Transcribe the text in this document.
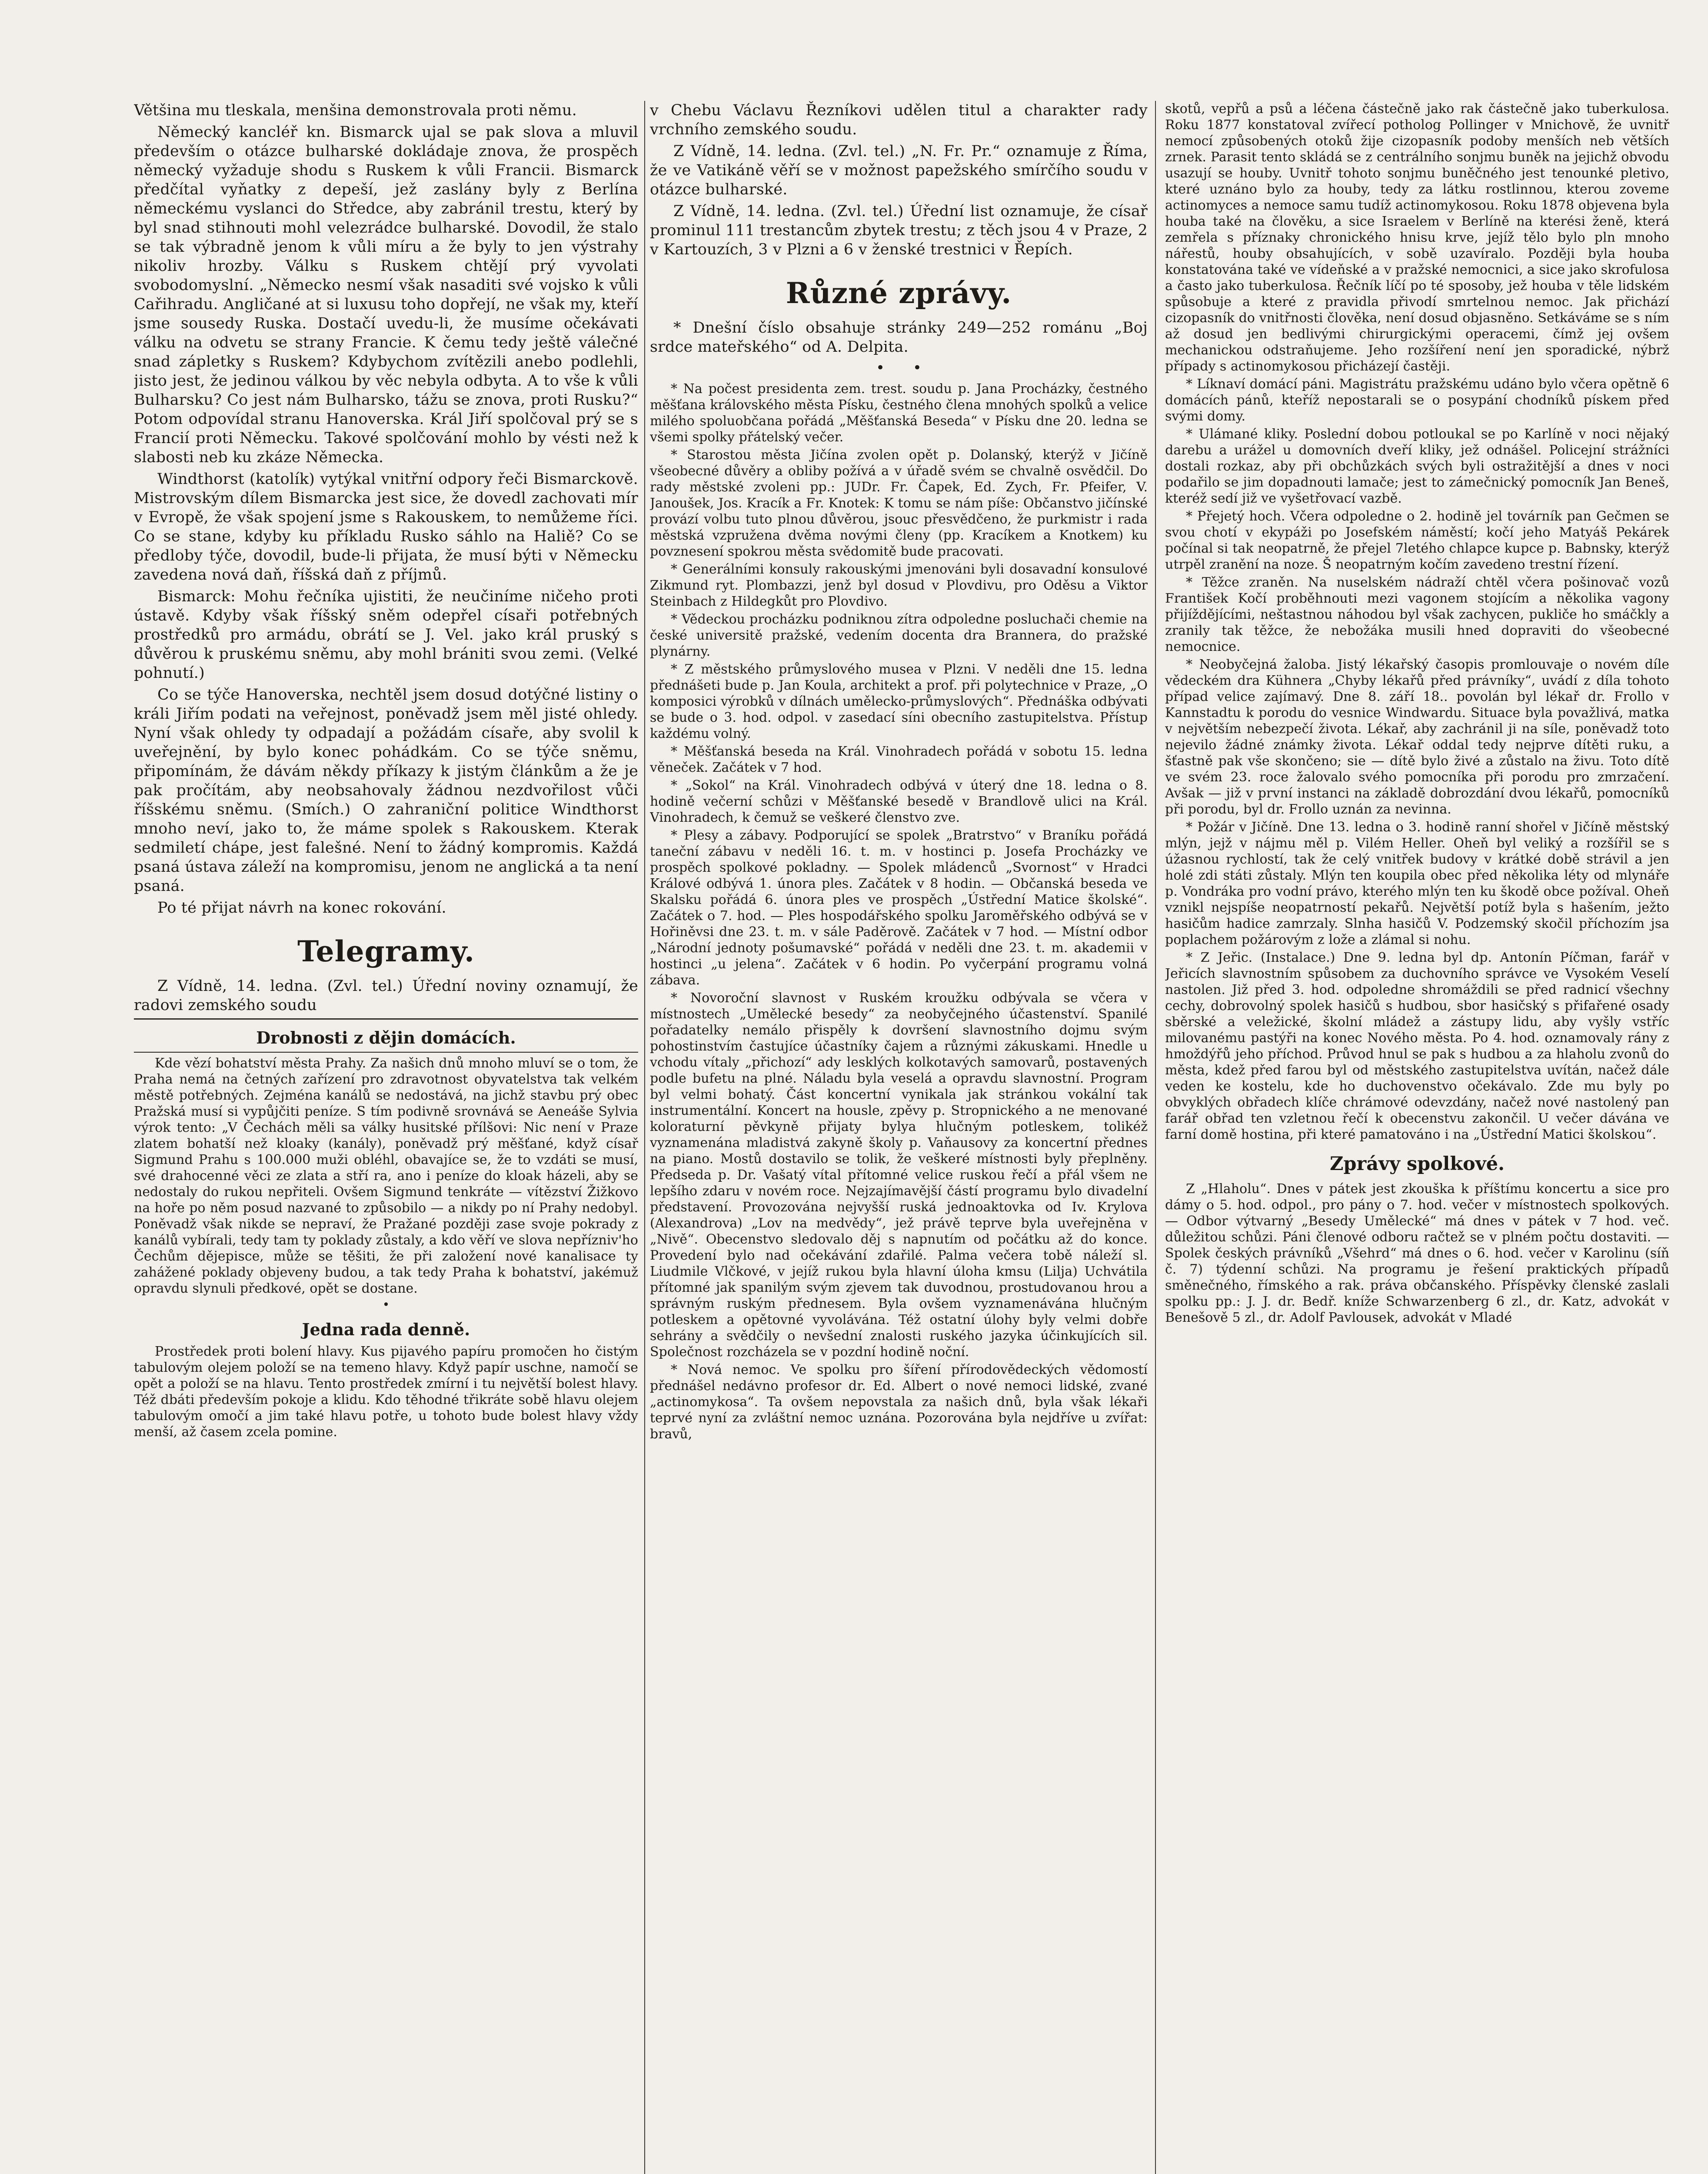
Většina mu tleskala, menšina demonstrovala proti němu.

Německý kancléř kn. Bismarck ujal se pak slova a mluvil především o otázce bulharské dokládaje znova, že prospěch německý vyžaduje shodu s Ruskem k vůli Francii. Bismarck předčítal vyňatky z depeší, jež zaslány byly z Berlína německému vyslanci do Středce, aby zabránil trestu, který by byl snad stihnouti mohl velezrádce bulharské. Dovodil, že stalo se tak výbradně jenom k vůli míru a že byly to jen výstrahy nikoliv hrozby. Válku s Ruskem chtějí prý vyvolati svobodomyslní. „Německo nesmí však nasaditi své vojsko k vůli Cařihradu. Angličané at si luxusu toho dopřejí, ne však my, kteří jsme sousedy Ruska. Dostačí uvedu-li, že musíme očekávati válku na odvetu se strany Francie. K čemu tedy ještě válečné snad zápletky s Ruskem? Kdybychom zvítězili anebo podlehli, jisto jest, že jedinou válkou by věc nebyla odbyta. A to vše k vůli Bulharsku? Co jest nám Bulharsko, tážu se znova, proti Rusku?“ Potom odpovídal stranu Hanoverska. Král Jiří spolčoval prý se s Francií proti Německu. Takové spolčování mohlo by vésti než k slabosti neb ku zkáze Německa.

Windthorst (katolík) vytýkal vnitřní odpory řeči Bismarckově. Mistrovským dílem Bismarcka jest sice, že dovedl zachovati mír v Evropě, že však spojení jsme s Rakouskem, to nemůžeme říci. Co se stane, kdyby ku příkladu Rusko sáhlo na Haliě? Co se předloby týče, dovodil, bude-li přijata, že musí býti v Německu zavedena nová daň, říšská daň z příjmů.

Bismarck: Mohu řečníka ujistiti, že neučiníme ničeho proti ústavě. Kdyby však říšský sněm odepřel císaři potřebných prostředků pro armádu, obrátí se J. Vel. jako král pruský s důvěrou k pruskému sněmu, aby mohl brániti svou zemi. (Velké pohnutí.)

Co se týče Hanoverska, nechtěl jsem dosud dotýčné listiny o králi Jiřím podati na veřejnost, poněvadž jsem měl jisté ohledy. Nyní však ohledy ty odpadají a požádám císaře, aby svolil k uveřejnění, by bylo konec pohádkám. Co se týče sněmu, připomínám, že dávám někdy příkazy k jistým článkům a že je pak pročítám, aby neobsahovaly žádnou nezdvořilost vůči říšskému sněmu. (Smích.) O zahraniční politice Windthorst mnoho neví, jako to, že máme spolek s Rakouskem. Kterak sedmiletí chápe, jest falešné. Není to žádný kompromis. Každá psaná ústava záleží na kompromisu, jenom ne anglická a ta není psaná.

Po té přijat návrh na konec rokování.

Telegramy.

Z Vídně, 14. ledna. (Zvl. tel.) Úřední noviny oznamují, že radovi zemského soudu

Drobnosti z dějin domácích.

Kde vězí bohatství města Prahy. Za našich dnů mnoho mluví se o tom, že Praha nemá na četných zařízení pro zdravotnost obyvatelstva tak velkém městě potřebných. Zejména kanálů se nedostává, na jichž stavbu prý obec Pražská musí si vypůjčiti peníze. S tím podivně srovnává se Aeneáše Sylvia výrok tento: „V Čechách měli sa války husitské přílšovi: Nic není v Praze zlatem bohatší než kloaky (kanály), poněvadž prý měšťané, když císař Sigmund Prahu s 100.000 muži obléhl, obavajíce se, že to vzdáti se musí, své drahocenné věci ze zlata a stří ra, ano i peníze do kloak házeli, aby se nedostaly do rukou nepřiteli. Ovšem Sigmund tenkráte — vítězství Žižkovo na hoře po něm posud nazvané to způsobilo — a nikdy po ní Prahy nedobyl. Poněvadž však nikde se nepraví, že Pražané později zase svoje pokrady z kanálů vybírali, tedy tam ty poklady zůstaly, a kdo věří ve slova nepřízniv'ho Čechům dějepisce, může se těšiti, že při založení nové kanalisace ty zahážené poklady objeveny budou, a tak tedy Praha k bohatství, jakémuž opravdu slynuli předkové, opět se dostane.

•
Jedna rada denně.

Prostředek proti bolení hlavy. Kus pijavého papíru promočen ho čistým tabulovým olejem položí se na temeno hlavy. Když papír uschne, namočí se opět a položí se na hlavu. Tento prostředek zmírní i tu největší bolest hlavy. Též dbáti především pokoje a klidu. Kdo těhodné třikráte sobě hlavu olejem tabulovým omočí a jim také hlavu potře, u tohoto bude bolest hlavy vždy menší, až časem zcela pomine.

v Chebu Václavu Řezníkovi udělen titul a charakter rady vrchního zemského soudu.

Z Vídně, 14. ledna. (Zvl. tel.) „N. Fr. Pr.“ oznamuje z Říma, že ve Vatikáně věří se v možnost papežského smírčího soudu v otázce bulharské.

Z Vídně, 14. ledna. (Zvl. tel.) Úřední list oznamuje, že císař prominul 111 trestancům zbytek trestu; z těch jsou 4 v Praze, 2 v Kartouzích, 3 v Plzni a 6 v ženské trestnici v Řepích.

Různé zprávy.

* Dnešní číslo obsahuje stránky 249—252 románu „Boj srdce mateřského“ od A. Delpita.

•      •

* Na počest presidenta zem. trest. soudu p. Jana Procházky, čestného měšťana královského města Písku, čestného člena mnohých spolků a velice milého spoluobčana pořádá „Měšťanská Beseda“ v Písku dne 20. ledna se všemi spolky přátelský večer.

* Starostou města Jičína zvolen opět p. Dolanský, kterýž v Jičíně všeobecné důvěry a obliby požívá a v úřadě svém se chvalně osvědčil. Do rady městské zvoleni pp.: JUDr. Fr. Čapek, Ed. Zych, Fr. Pfeifer, V. Janoušek, Jos. Kracík a Fr. Knotek: K tomu se nám píše: Občanstvo jičínské provází volbu tuto plnou důvěrou, jsouc přesvědčeno, že purkmistr i rada městská vzpružena dvěma novými členy (pp. Kracíkem a Knotkem) ku povznesení spokrou města svědomitě bude pracovati.

* Generálními konsuly rakouskými jmenováni byli dosavadní konsulové Zikmund ryt. Plombazzi, jenž byl dosud v Plovdivu, pro Oděsu a Viktor Steinbach z Hildegkůt pro Plovdivo.

* Vědeckou procházku podniknou zítra odpoledne posluchači chemie na české universitě pražské, vedením docenta dra Brannera, do pražské plynárny.

* Z městského průmyslového musea v Plzni. V neděli dne 15. ledna přednášeti bude p. Jan Koula, architekt a prof. při polytechnice v Praze, „O komposici výrobků v dílnách umělecko-průmyslových“. Přednáška odbývati se bude o 3. hod. odpol. v zasedací síni obecního zastupitelstva. Přístup každému volný.

* Měšťanská beseda na Král. Vinohradech pořádá v sobotu 15. ledna věneček. Začátek v 7 hod.

* „Sokol“ na Král. Vinohradech odbývá v úterý dne 18. ledna o 8. hodině večerní schůzi v Měšťanské besedě v Brandlově ulici na Král. Vinohradech, k čemuž se veškeré členstvo zve.

* Plesy a zábavy. Podporující se spolek „Bratrstvo“ v Braníku pořádá taneční zábavu v neděli 16. t. m. v hostinci p. Josefa Procházky ve prospěch spolkové pokladny. — Spolek mládenců „Svornost“ v Hradci Králové odbývá 1. února ples. Začátek v 8 hodin. — Občanská beseda ve Skalsku pořádá 6. února ples ve prospěch „Ústřední Matice školské“. Začátek o 7. hod. — Ples hospodářského spolku Jaroměřského odbývá se v Hořiněvsi dne 23. t. m. v sále Paděrově. Začátek v 7 hod. — Místní odbor „Národní jednoty pošumavské“ pořádá v neděli dne 23. t. m. akademii v hostinci „u jelena“. Začátek v 6 hodin. Po vyčerpání programu volná zábava.

* Novoroční slavnost v Ruském kroužku odbývala se včera v místnostech „Umělecké besedy“ za neobyčejného účastenství. Spanilé pořadatelky nemálo přispěly k dovršení slavnostního dojmu svým pohostinstvím častujíce účastníky čajem a různými zákuskami. Hnedle u vchodu vítaly „přichozí“ ady lesklých kolkotavých samovarů, postavených podle bufetu na plné. Náladu byla veselá a opravdu slavnostní. Program byl velmi bohatý. Část koncertní vynikala jak stránkou vokální tak instrumentální. Koncert na housle, zpěvy p. Stropnického a ne menované koloraturní pěvkyně přijaty bylya hlučným potleskem, tolikéž vyznamenána mladistvá zakyně školy p. Vaňausovy za koncertní přednes na piano. Mostů dostavilo se tolik, že veškeré místnosti byly přeplněny. Předseda p. Dr. Vašatý vítal přítomné velice ruskou řečí a přál všem ne lepšího zdaru v novém roce. Nejzajímavější částí programu bylo divadelní představení. Provozována nejvyšší ruská jednoaktovka od Iv. Krylova (Alexandrova) „Lov na medvědy“, jež právě teprve byla uveřejněna v „Nivě“. Obecenstvo sledovalo děj s napnutím od počátku až do konce. Provedení bylo nad očekávání zdařilé. Palma večera tobě náleží sl. Liudmile Vlčkové, v jejíž rukou byla hlavní úloha kmsu (Lilja) Uchvátila přítomné jak spanilým svým zjevem tak duvodnou, prostudovanou hrou a správným ruským přednesem. Byla ovšem vyznamenávána hlučným potleskem a opětovné vyvolávána. Též ostatní úlohy byly velmi dobře sehrány a svědčily o nevšední znalosti ruského jazyka účinkujících sil. Společnost rozcházela se v pozdní hodině noční.

* Nová nemoc. Ve spolku pro šíření přírodovědeckých vědomostí přednášel nedávno profesor dr. Ed. Albert o nové nemoci lidské, zvané „actinomykosa“. Ta ovšem nepovstala za našich dnů, byla však lékaři teprvé nyní za zvláštní nemoc uznána. Pozorována byla nejdříve u zvířat: bravů,

skotů, vepřů a psů a léčena částečně jako rak částečně jako tuberkulosa. Roku 1877 konstatoval zvířecí potholog Pollinger v Mnichově, že uvnitř nemocí způsobených otoků žije cizopasník podoby menších neb větších zrnek. Parasit tento skládá se z centrálního sonjmu buněk na jejichž obvodu usazují se houby. Uvnitř tohoto sonjmu buněčného jest tenounké pletivo, které uznáno bylo za houby, tedy za látku rostlinnou, kterou zoveme actinomyces a nemoce samu tudíž actinomykosou. Roku 1878 objevena byla houba také na člověku, a sice Israelem v Berlíně na kterési ženě, která zemřela s příznaky chronického hnisu krve, jejíž tělo bylo pln mnoho nářestů, houby obsahujících, v sobě uzavíralo. Později byla houba konstatována také ve vídeňské a v pražské nemocnici, a sice jako skrofulosa a často jako tuberkulosa. Řečník líčí po té sposoby, jež houba v těle lidském spůsobuje a které z pravidla přivodí smrtelnou nemoc. Jak přichází cizopasník do vnitřnosti člověka, není dosud objasněno. Setkáváme se s ním až dosud jen bedlivými chirurgickými operacemi, čímž jej ovšem mechanickou odstraňujeme. Jeho rozšíření není jen sporadické, nýbrž případy s actinomykosou přicházejí častěji.

* Líknaví domácí páni. Magistrátu pražskému udáno bylo včera opětně 6 domácích pánů, kteříž nepostarali se o posypání chodníků pískem před svými domy.

* Ulámané kliky. Poslední dobou potloukal se po Karlíně v noci nějaký darebu a urážel u domovních dveří kliky, jež odnášel. Policejní strážníci dostali rozkaz, aby při obchůzkách svých byli ostražitější a dnes v noci podařilo se jim dopadnouti lamače; jest to zámečnický pomocník Jan Beneš, kteréž sedí již ve vyšetřovací vazbě.

* Přejetý hoch. Včera odpoledne o 2. hodině jel továrník pan Gečmen se svou chotí v ekypáži po Josefském náměstí; kočí jeho Matyáš Pekárek počínal si tak neopatrně, že přejel 7letého chlapce kupce p. Babnsky, kterýž utrpěl zranění na noze. Š neopatrným kočím zavedeno trestní řízení.

* Těžce zraněn. Na nuselském nádraží chtěl včera pošinovač vozů František Kočí proběhnouti mezi vagonem stojícím a několika vagony přijíždějícími, neštastnou náhodou byl však zachycen, pukliče ho smáčkly a zranily tak těžce, že nebožáka musili hned dopraviti do všeobecné nemocnice.

* Neobyčejná žaloba. Jistý lékařský časopis promlouvaje o novém díle vědeckém dra Kühnera „Chyby lékařů před právníky“, uvádí z díla tohoto případ velice zajímavý. Dne 8. září 18.. povolán byl lékař dr. Frollo v Kannstadtu k porodu do vesnice Windwardu. Situace byla považlivá, matka v největším nebezpečí života. Lékař, aby zachránil ji na síle, poněvadž toto nejevilo žádné známky života. Lékař oddal tedy nejprve dítěti ruku, a šťastně pak vše skončeno; sie — dítě bylo živé a zůstalo na živu. Toto dítě ve svém 23. roce žalovalo svého pomocníka při porodu pro zmrzačení. Avšak — již v první instanci na základě dobrozdání dvou lékařů, pomocníků při porodu, byl dr. Frollo uznán za nevinna.

* Požár v Jičíně. Dne 13. ledna o 3. hodině ranní shořel v Jičíně městský mlýn, jejž v nájmu měl p. Vilém Heller. Oheň byl veliký a rozšířil se s úžasnou rychlostí, tak že celý vnitřek budovy v krátké době strávil a jen holé zdi státi zůstaly. Mlýn ten koupila obec před několika léty od mlynáře p. Vondráka pro vodní právo, kterého mlýn ten ku škodě obce požíval. Oheň vznikl nejspíše neopatrností pekařů. Největší potíž byla s hašením, ježto hasičům hadice zamrzaly. Slnha hasičů V. Podzemský skočil příchozím jsa poplachem požárovým z lože a zlámal si nohu.

* Z Jeřic. (Instalace.) Dne 9. ledna byl dp. Antonín Píčman, farář v Jeřicích slavnostním spůsobem za duchovního správce ve Vysokém Veselí nastolen. Již před 3. hod. odpoledne shromáždili se před radnicí všechny cechy, dobrovolný spolek hasičů s hudbou, sbor hasičský s přifařené osady sběrské a veležické, školní mládež a zástupy lidu, aby vyšly vstříc milovanému pastýři na konec Nového města. Po 4. hod. oznamovaly rány z hmoždýřů jeho příchod. Průvod hnul se pak s hudbou a za hlaholu zvonů do města, kdež před farou byl od městského zastupitelstva uvítán, načež dále veden ke kostelu, kde ho duchovenstvo očekávalo. Zde mu byly po obvyklých obřadech klíče chrámové odevzdány, načež nové nastolený pan farář obřad ten vzletnou řečí k obecenstvu zakončil. U večer dávána ve farní domě hostina, při které pamatováno i na „Ústřední Matici školskou“.

Zprávy spolkové.

Z „Hlaholu“. Dnes v pátek jest zkouška k příštímu koncertu a sice pro dámy o 5. hod. odpol., pro pány o 7. hod. večer v místnostech spolkových. — Odbor výtvarný „Besedy Umělecké“ má dnes v pátek v 7 hod. več. důležitou schůzi. Páni členové odboru račtež se v plném počtu dostaviti. — Spolek českých právníků „Všehrd“ má dnes o 6. hod. večer v Karolinu (síň č. 7) týdenní schůzi. Na programu je řešení praktických případů směnečného, římského a rak. práva občanského. Příspěvky členské zaslali spolku pp.: J. J. dr. Bedř. kníže Schwarzenberg 6 zl., dr. Katz, advokát v Benešově 5 zl., dr. Adolf Pavlousek, advokát v Mladé
